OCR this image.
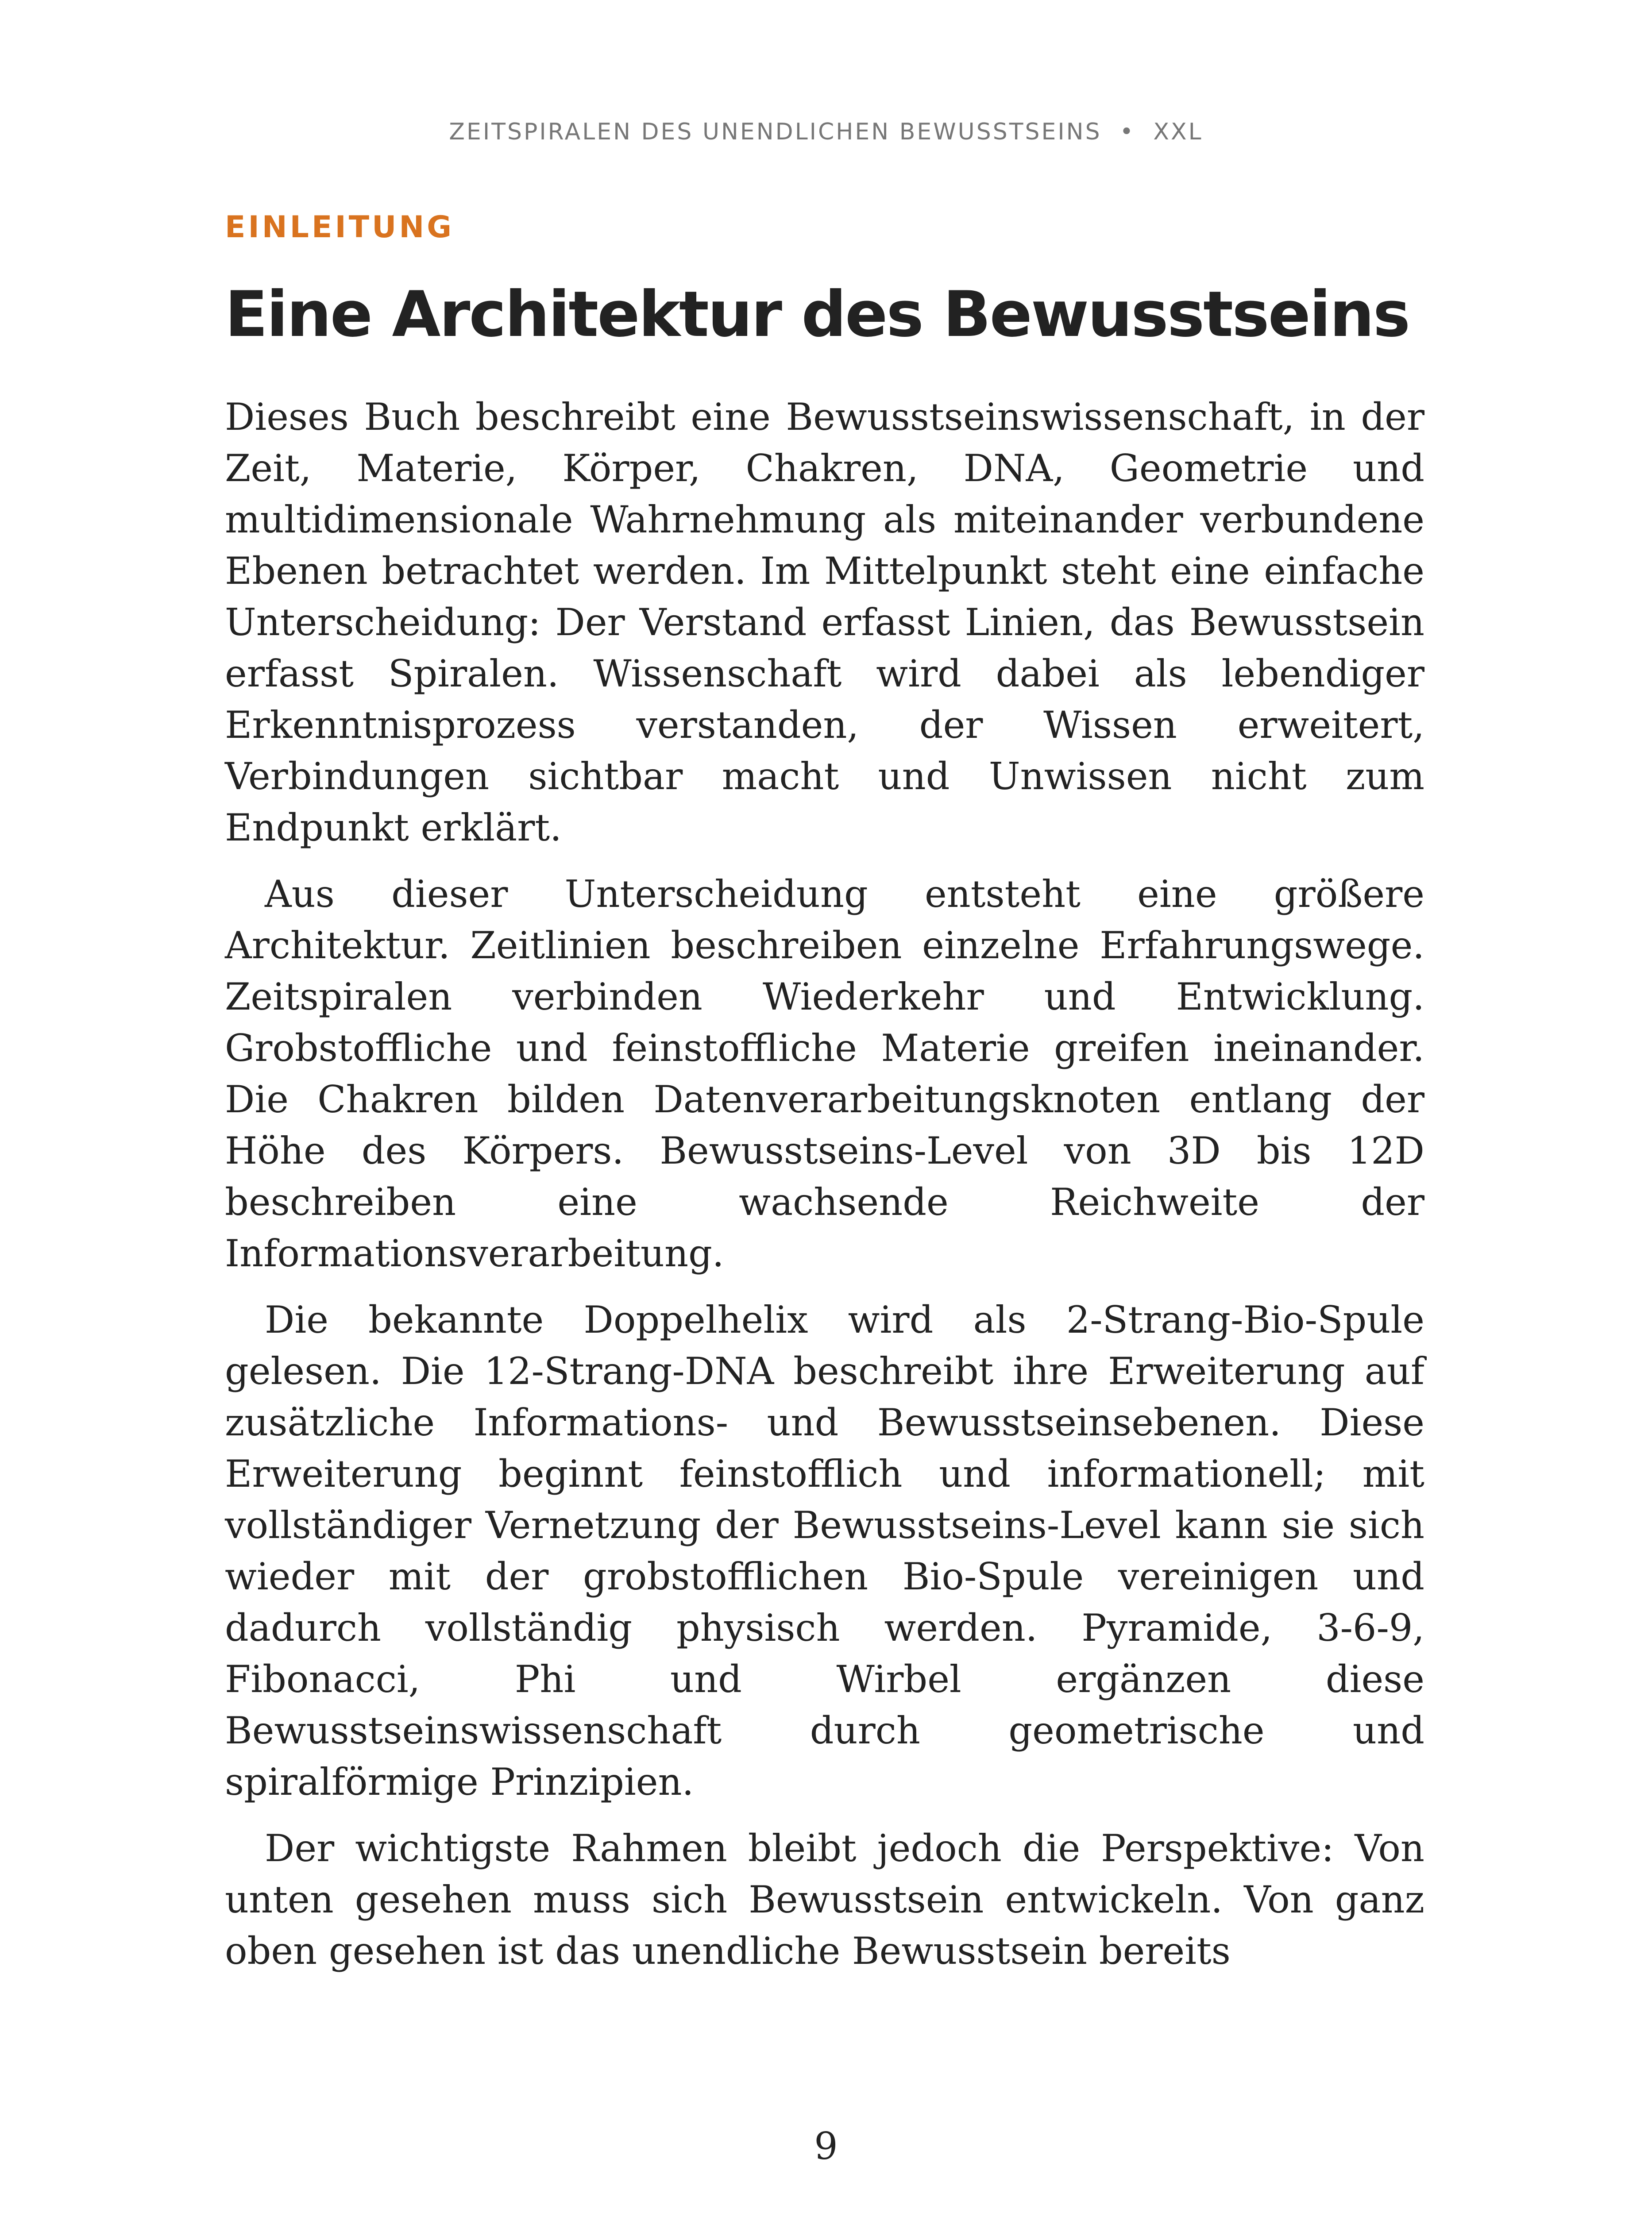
ZEITSPIRALEN DES UNENDLICHEN BEWUSSTSEINS • XXL
EINLEITUNG
Eine Architektur des Bewusstseins

Dieses Buch beschreibt eine Bewusstseinswissenschaft, in der Zeit, Materie, Körper, Chakren, DNA, Geometrie und multidimensionale Wahrnehmung als miteinander verbundene Ebenen betrachtet werden. Im Mittelpunkt steht eine einfache Unterscheidung: Der Verstand erfasst Linien, das Bewusstsein erfasst Spiralen. Wissenschaft wird dabei als lebendiger Erkenntnisprozess verstanden, der Wissen erweitert, Verbindungen sichtbar macht und Unwissen nicht zum Endpunkt erklärt.

Aus dieser Unterscheidung entsteht eine größere Architektur. Zeitlinien beschreiben einzelne Erfahrungswege. Zeitspiralen verbinden Wiederkehr und Entwicklung. Grobstoffliche und feinstoffliche Materie greifen ineinander. Die Chakren bilden Datenverarbeitungsknoten entlang der Höhe des Körpers. Bewusstseins-Level von 3D bis 12D beschreiben eine wachsende Reichweite der Informationsverarbeitung.

Die bekannte Doppelhelix wird als 2-Strang-Bio-Spule gelesen. Die 12-Strang-DNA beschreibt ihre Erweiterung auf zusätzliche Informations- und Bewusstseinsebenen. Diese Erweiterung beginnt feinstofflich und informationell; mit vollständiger Vernetzung der Bewusstseins-Level kann sie sich wieder mit der grobstofflichen Bio-Spule vereinigen und dadurch vollständig physisch werden. Pyramide, 3-6-9, Fibonacci, Phi und Wirbel ergänzen diese Bewusstseinswissenschaft durch geometrische und spiralförmige Prinzipien.

Der wichtigste Rahmen bleibt jedoch die Perspektive: Von unten gesehen muss sich Bewusstsein entwickeln. Von ganz oben gesehen ist das unendliche Bewusstsein bereits

9
